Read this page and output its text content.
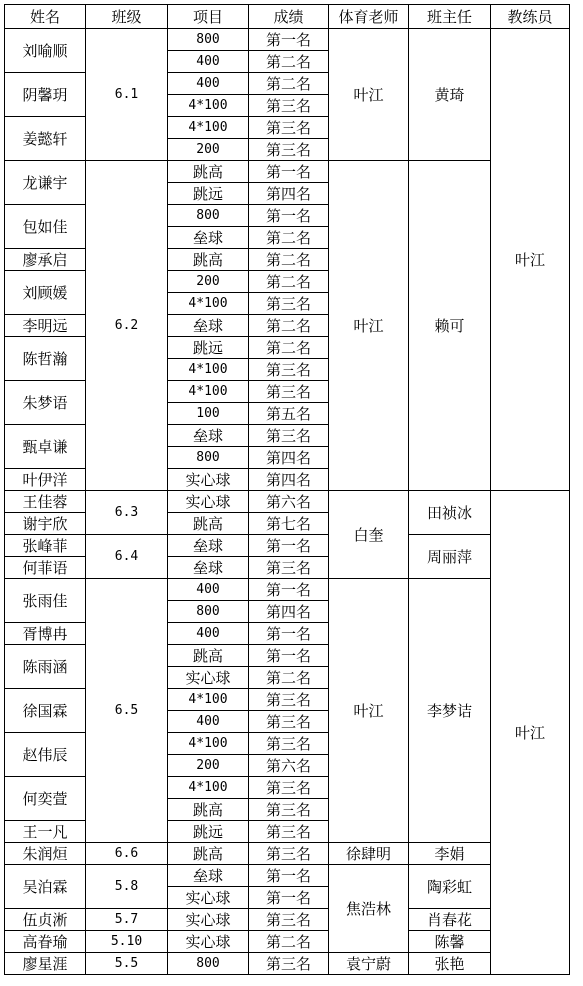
姓名	班级	项目	成绩	体育老师	班主任	教练员
刘喻顺	6.1	800	第一名	叶江	黄琦	叶江
		400	第二名			
阴馨玥		400	第二名			
		4*100	第三名			
姜懿轩		4*100	第三名			
		200	第三名			
龙谦宇	6.2	跳高	第一名	叶江	赖可	
		跳远	第四名			
包如佳		800	第一名			
		垒球	第二名			
廖承启		跳高	第二名			
刘顾媛		200	第二名			
		4*100	第三名			
李明远		垒球	第二名			
陈哲瀚		跳远	第二名			
		4*100	第三名			
朱梦语		4*100	第三名			
		100	第五名			
甄卓谦		垒球	第三名			
		800	第四名			
叶伊洋		实心球	第四名			
王佳蓉	6.3	实心球	第六名	白奎	田祯冰	叶江
谢宇欣		跳高	第七名			
张峰菲	6.4	垒球	第一名		周丽萍	
何菲语		垒球	第三名			
张雨佳	6.5	400	第一名	叶江	李梦诘	
		800	第四名			
胥博冉		400	第一名			
陈雨涵		跳高	第一名			
		实心球	第二名			
徐国霖		4*100	第三名			
		400	第三名			
赵伟辰		4*100	第三名			
		200	第六名			
何奕萱		4*100	第三名			
		跳高	第三名			
王一凡		跳远	第三名			
朱润烜	6.6	跳高	第三名	徐肆明	李娟	
吴泊霖	5.8	垒球	第一名	焦浩林	陶彩虹	
		实心球	第一名			
伍贞淅	5.7	实心球	第三名		肖春花	
高眷瑜	5.10	实心球	第二名		陈馨	
廖星涯	5.5	800	第三名	袁宁蔚	张艳	
